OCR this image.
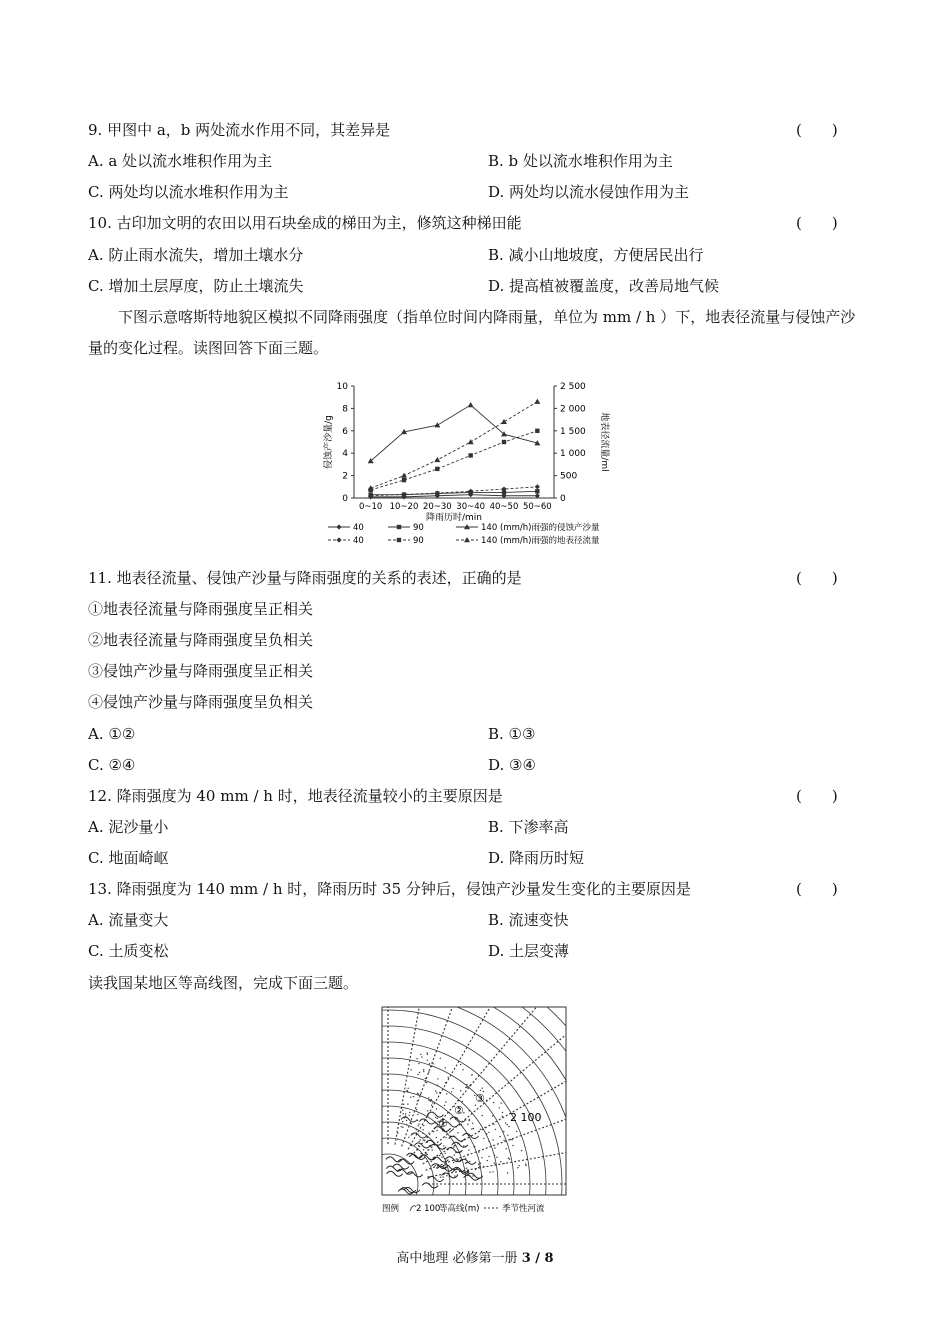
9. 甲图中 a，b 两处流水作用不同，其差异是	(　　)
A. a 处以流水堆积作用为主	B. b 处以流水堆积作用为主
C. 两处均以流水堆积作用为主	D. 两处均以流水侵蚀作用为主
10. 古印加文明的农田以用石块垒成的梯田为主，修筑这种梯田能	(　　)
A. 防止雨水流失，增加土壤水分	B. 减小山地坡度，方便居民出行
C. 增加土层厚度，防止土壤流失	D. 提高植被覆盖度，改善局地气候
下图示意喀斯特地貌区模拟不同降雨强度（指单位时间内降雨量，单位为 mm / h ）下，地表径流量与侵蚀产沙量的变化过程。读图回答下面三题。
0
2
4
6
8
10
0
500
1 000
1 500
2 000
2 500
侵蚀产沙量/g	地表径流量/ml
0~10 10~20 20~30 30~40 40~50 50~60
降雨历时/min
40	90	140 (mm/h)雨强的侵蚀产沙量
40	90	140 (mm/h)雨强的地表径流量
11. 地表径流量、侵蚀产沙量与降雨强度的关系的表述，正确的是	(　　)
①地表径流量与降雨强度呈正相关
②地表径流量与降雨强度呈负相关
③侵蚀产沙量与降雨强度呈正相关
④侵蚀产沙量与降雨强度呈负相关
A. ①②	B. ①③
C. ②④	D. ③④
12. 降雨强度为 40 mm / h 时，地表径流量较小的主要原因是	(　　)
A. 泥沙量小	B. 下渗率高
C. 地面崎岖	D. 降雨历时短
13. 降雨强度为 140 mm / h 时，降雨历时 35 分钟后，侵蚀产沙量发生变化的主要原因是	(　　)
A. 流量变大	B. 流速变快
C. 土质变松	D. 土层变薄
读我国某地区等高线图，完成下面三题。
①
②
③
2 100
图例 2 100
等高线(m)	季节性河流
高中地理 必修第一册 3 / 8
